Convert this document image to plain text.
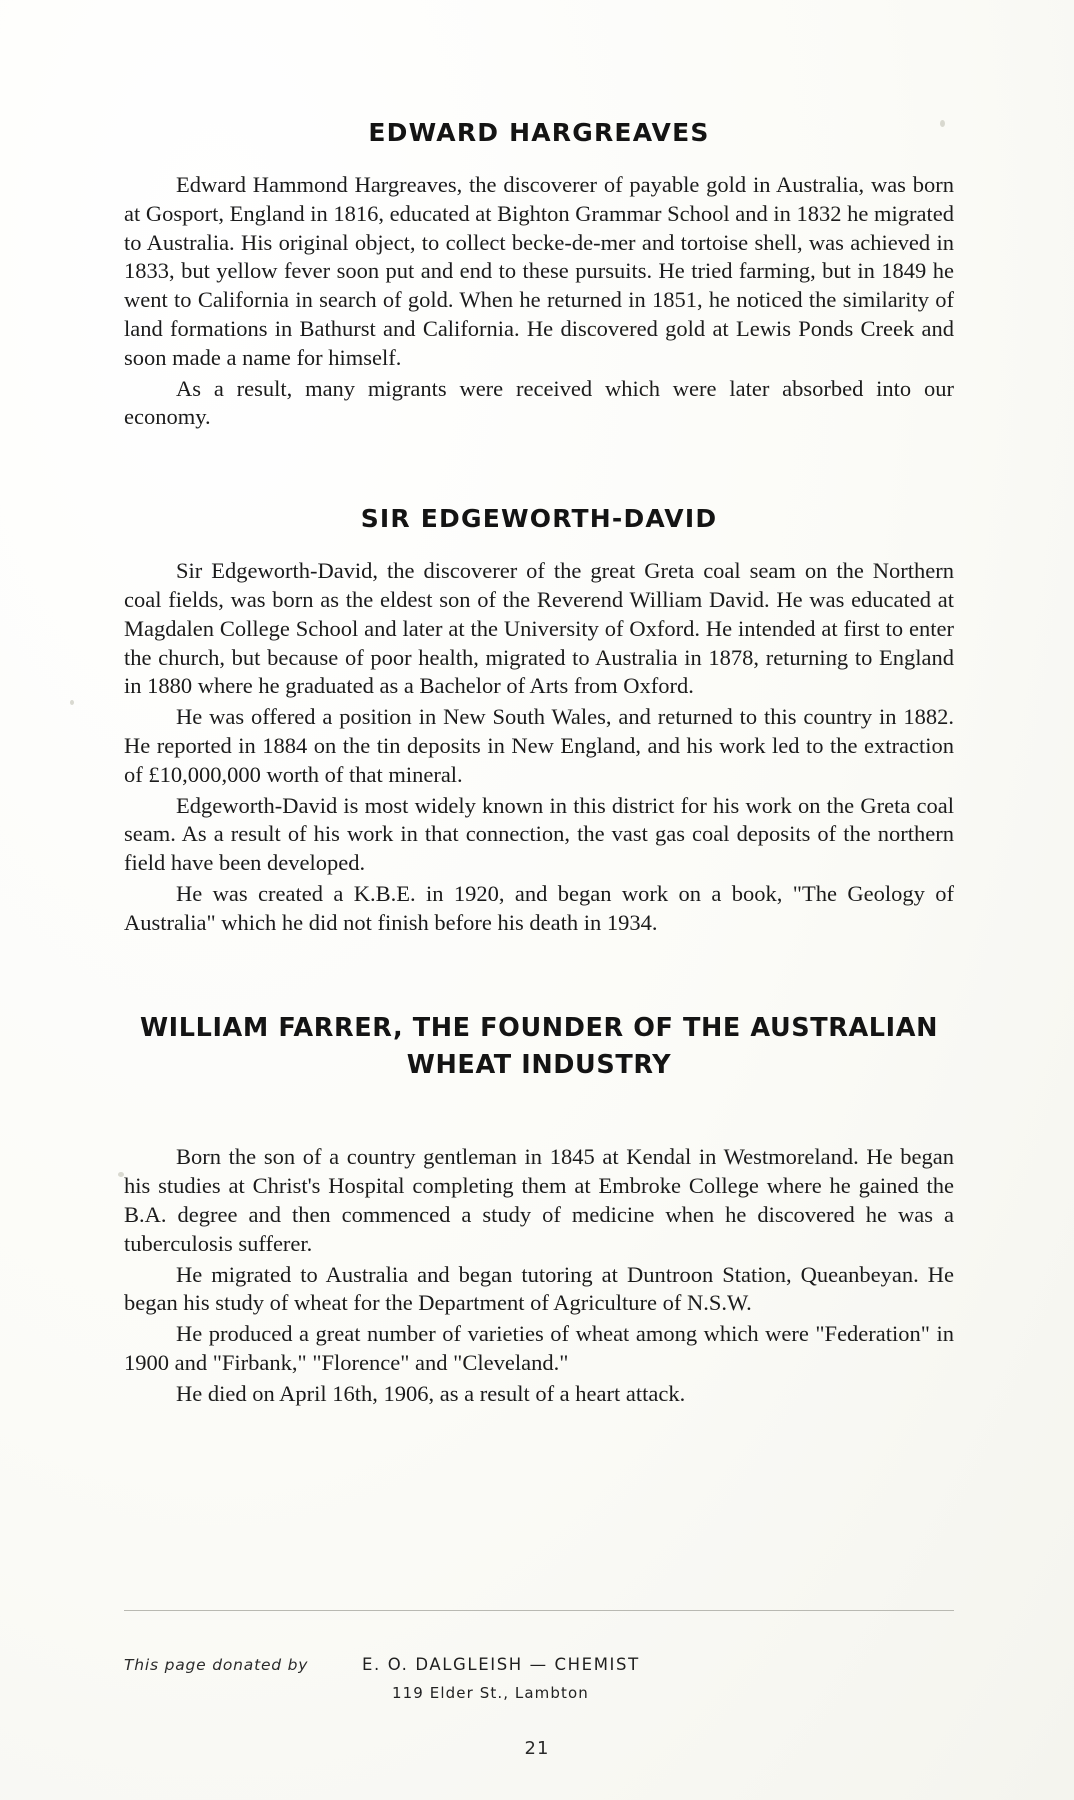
EDWARD HARGREAVES

Edward Hammond Hargreaves, the discoverer of payable gold in Australia, was born at Gosport, England in 1816, educated at Bighton Grammar School and in 1832 he migrated to Australia. His original object, to collect becke-de-mer and tortoise shell, was achieved in 1833, but yellow fever soon put and end to these pursuits. He tried farming, but in 1849 he went to California in search of gold. When he returned in 1851, he noticed the similarity of land formations in Bathurst and California. He discovered gold at Lewis Ponds Creek and soon made a name for himself.

As a result, many migrants were received which were later absorbed into our economy.

SIR EDGEWORTH-DAVID

Sir Edgeworth-David, the discoverer of the great Greta coal seam on the Northern coal fields, was born as the eldest son of the Reverend William David. He was educated at Magdalen College School and later at the University of Oxford. He intended at first to enter the church, but because of poor health, migrated to Australia in 1878, returning to England in 1880 where he graduated as a Bachelor of Arts from Oxford.

He was offered a position in New South Wales, and returned to this country in 1882. He reported in 1884 on the tin deposits in New England, and his work led to the extraction of £10,000,000 worth of that mineral.

Edgeworth-David is most widely known in this district for his work on the Greta coal seam. As a result of his work in that connection, the vast gas coal deposits of the northern field have been developed.

He was created a K.B.E. in 1920, and began work on a book, "The Geology of Australia" which he did not finish before his death in 1934.

WILLIAM FARRER, THE FOUNDER OF THE AUSTRALIAN WHEAT INDUSTRY

Born the son of a country gentleman in 1845 at Kendal in Westmoreland. He began his studies at Christ's Hospital completing them at Embroke College where he gained the B.A. degree and then commenced a study of medicine when he discovered he was a tuberculosis sufferer.

He migrated to Australia and began tutoring at Duntroon Station, Queanbeyan. He began his study of wheat for the Department of Agriculture of N.S.W.

He produced a great number of varieties of wheat among which were "Federation" in 1900 and "Firbank," "Florence" and "Cleveland."

He died on April 16th, 1906, as a result of a heart attack.

This page donated by	E. O. DALGLEISH — CHEMIST
119 Elder St., Lambton
21
